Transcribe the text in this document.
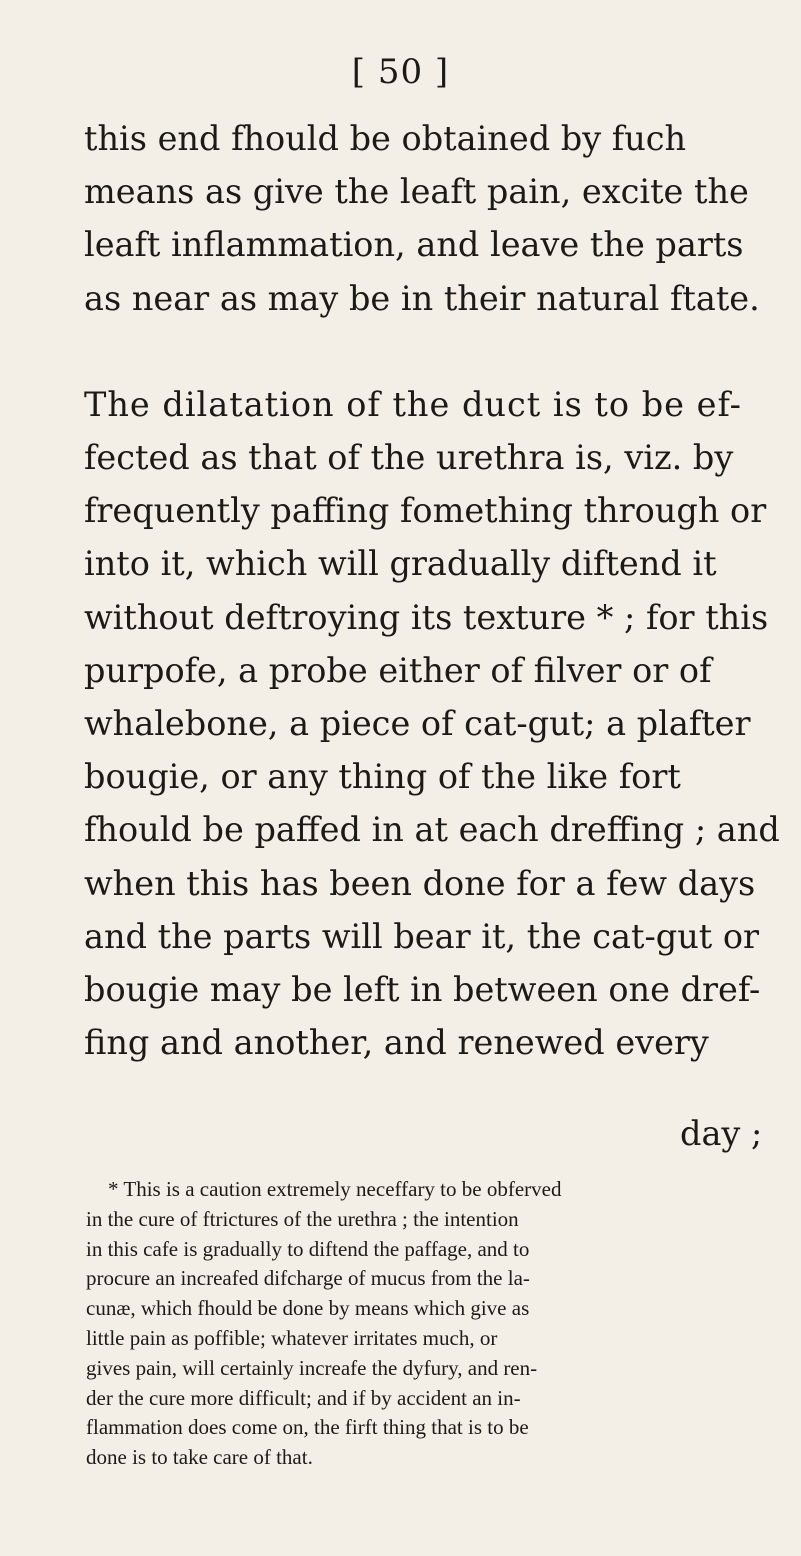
[ 50 ]
this end fhould be obtained by fuch
means as give the leaft pain, excite the
leaft inflammation, and leave the parts
as near as may be in their natural ftate.
The dilatation of the duct is to be ef-
fected as that of the urethra is, viz. by
frequently paffing fomething through or
into it, which will gradually diftend it
without deftroying its texture * ; for this
purpofe, a probe either of filver or of
whalebone, a piece of cat-gut; a plafter
bougie, or any thing of the like fort
fhould be paffed in at each dreffing ; and
when this has been done for a few days
and the parts will bear it, the cat-gut or
bougie may be left in between one dref-
fing and another, and renewed every
day ;
* This is a caution extremely neceffary to be obferved
in the cure of ftrictures of the urethra ; the intention
in this cafe is gradually to diftend the paffage, and to
procure an increafed difcharge of mucus from the la-
cunæ, which fhould be done by means which give as
little pain as poffible; whatever irritates much, or
gives pain, will certainly increafe the dyfury, and ren-
der the cure more difficult; and if by accident an in-
flammation does come on, the firft thing that is to be
done is to take care of that.
